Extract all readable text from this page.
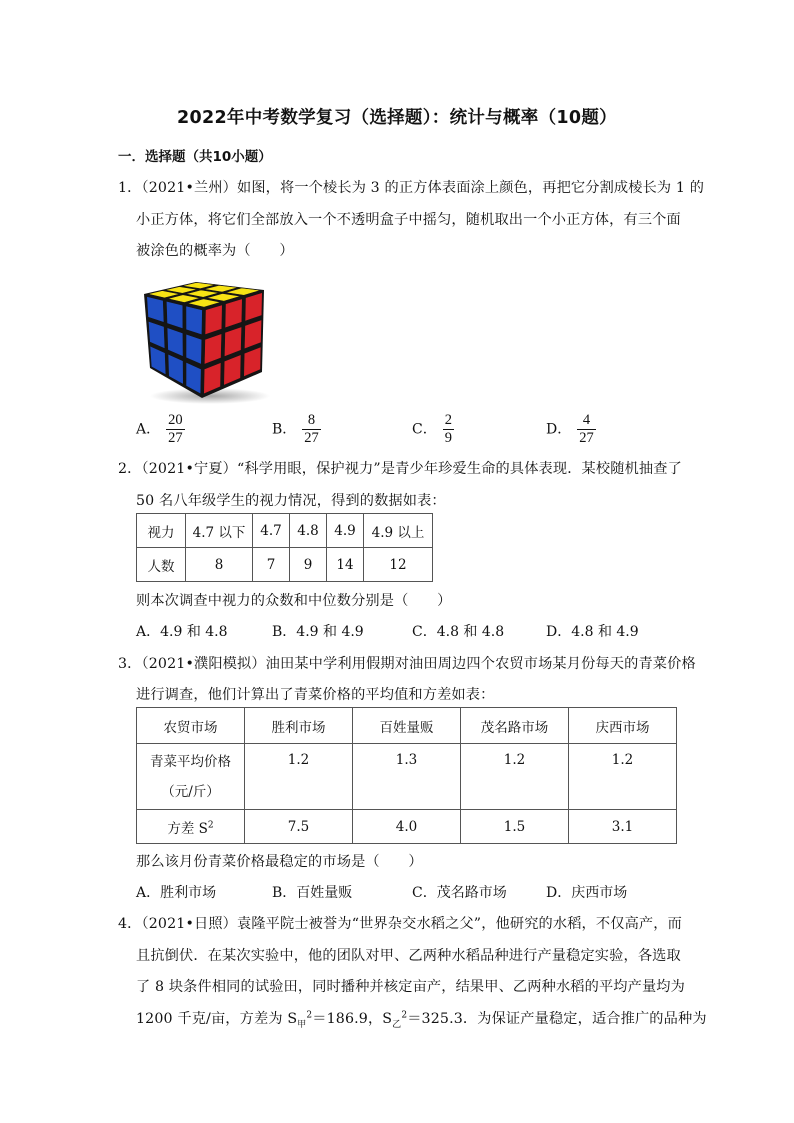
2022年中考数学复习（选择题）：统计与概率（10题）
一．选择题（共10小题）
1．（2021•兰州）如图，将一个棱长为 3 的正方体表面涂上颜色，再把它分割成棱长为 1 的
小正方体，将它们全部放入一个不透明盒子中摇匀，随机取出一个小正方体，有三个面
被涂色的概率为（　　）
A． $\frac{20}{27}$	B． $\frac{8}{27}$	C． $\frac{2}{9}$	D． $\frac{4}{27}$
2．（2021•宁夏）“科学用眼，保护视力”是青少年珍爱生命的具体表现．某校随机抽查了
50 名八年级学生的视力情况，得到的数据如表：
视力	4.7 以下	4.7	4.8	4.9	4.9 以上
人数	8	7	9	14	12
则本次调查中视力的众数和中位数分别是（　　）
A．4.9 和 4.8	B．4.9 和 4.9	C．4.8 和 4.8	D．4.8 和 4.9
3．（2021•濮阳模拟）油田某中学利用假期对油田周边四个农贸市场某月份每天的青菜价格
进行调查，他们计算出了青菜价格的平均值和方差如表：
农贸市场	胜利市场	百姓量贩	茂名路市场	庆西市场

青菜平均价格
（元/斤）	1.2	1.3	1.2	1.2
方差 $S^2$	7.5	4.0	1.5	3.1
那么该月份青菜价格最稳定的市场是（　　）
A．胜利市场	B．百姓量贩	C．茂名路市场	D．庆西市场
4．（2021•日照）袁隆平院士被誉为“世界杂交水稻之父”，他研究的水稻，不仅高产，而
且抗倒伏．在某次实验中，他的团队对甲、乙两种水稻品种进行产量稳定实验，各选取
了 8 块条件相同的试验田，同时播种并核定亩产，结果甲、乙两种水稻的平均产量均为
1200 千克/亩，方差为 $S_甲^2=186.9$，$S_乙^2=325.3$．为保证产量稳定，适合推广的品种为
